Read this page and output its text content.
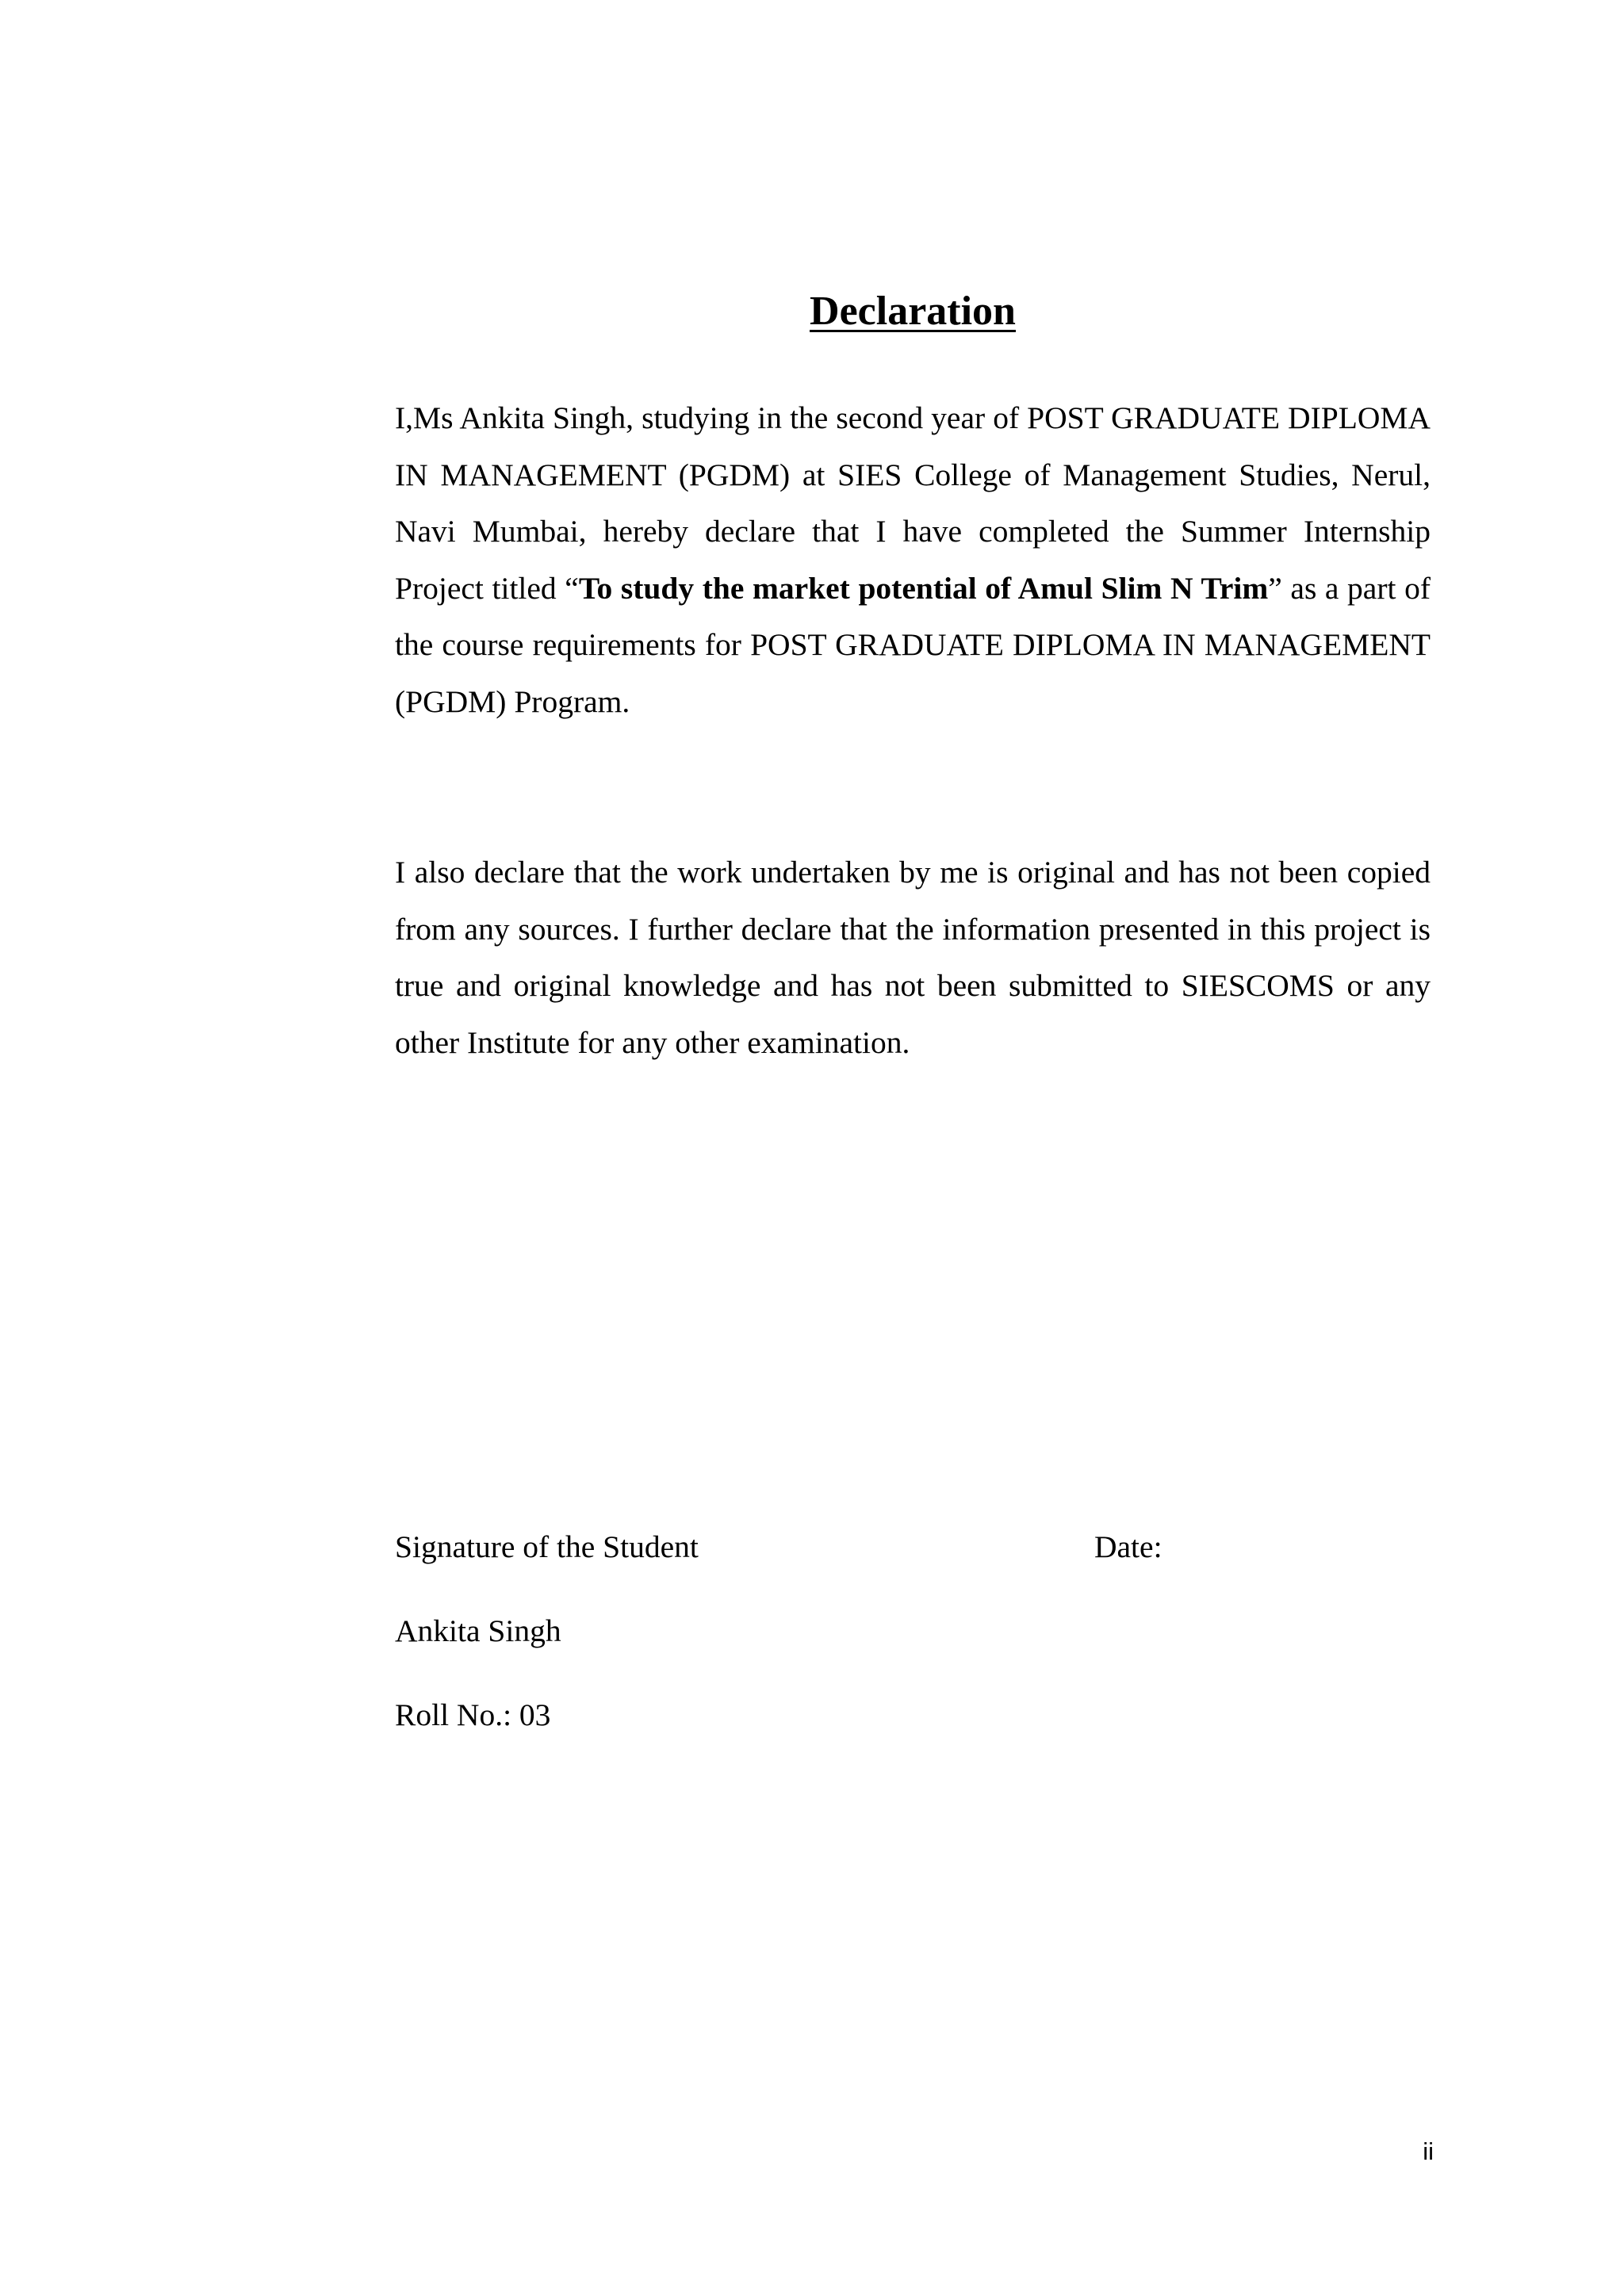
Declaration

I,Ms Ankita Singh, studying in the second year of POST GRADUATE DIPLOMA IN MANAGEMENT (PGDM) at SIES College of Management Studies, Nerul, Navi Mumbai, hereby declare that I have completed the Summer Internship Project titled “To study the market potential of Amul Slim N Trim” as a part of the course requirements for POST GRADUATE DIPLOMA IN MANAGEMENT (PGDM) Program.

I also declare that the work undertaken by me is original and has not been copied from any sources. I further declare that the information presented in this project is true and original knowledge and has not been submitted to SIESCOMS or any other Institute for any other examination.

Signature of the Student	Date:

Ankita Singh

Roll No.: 03

ii
